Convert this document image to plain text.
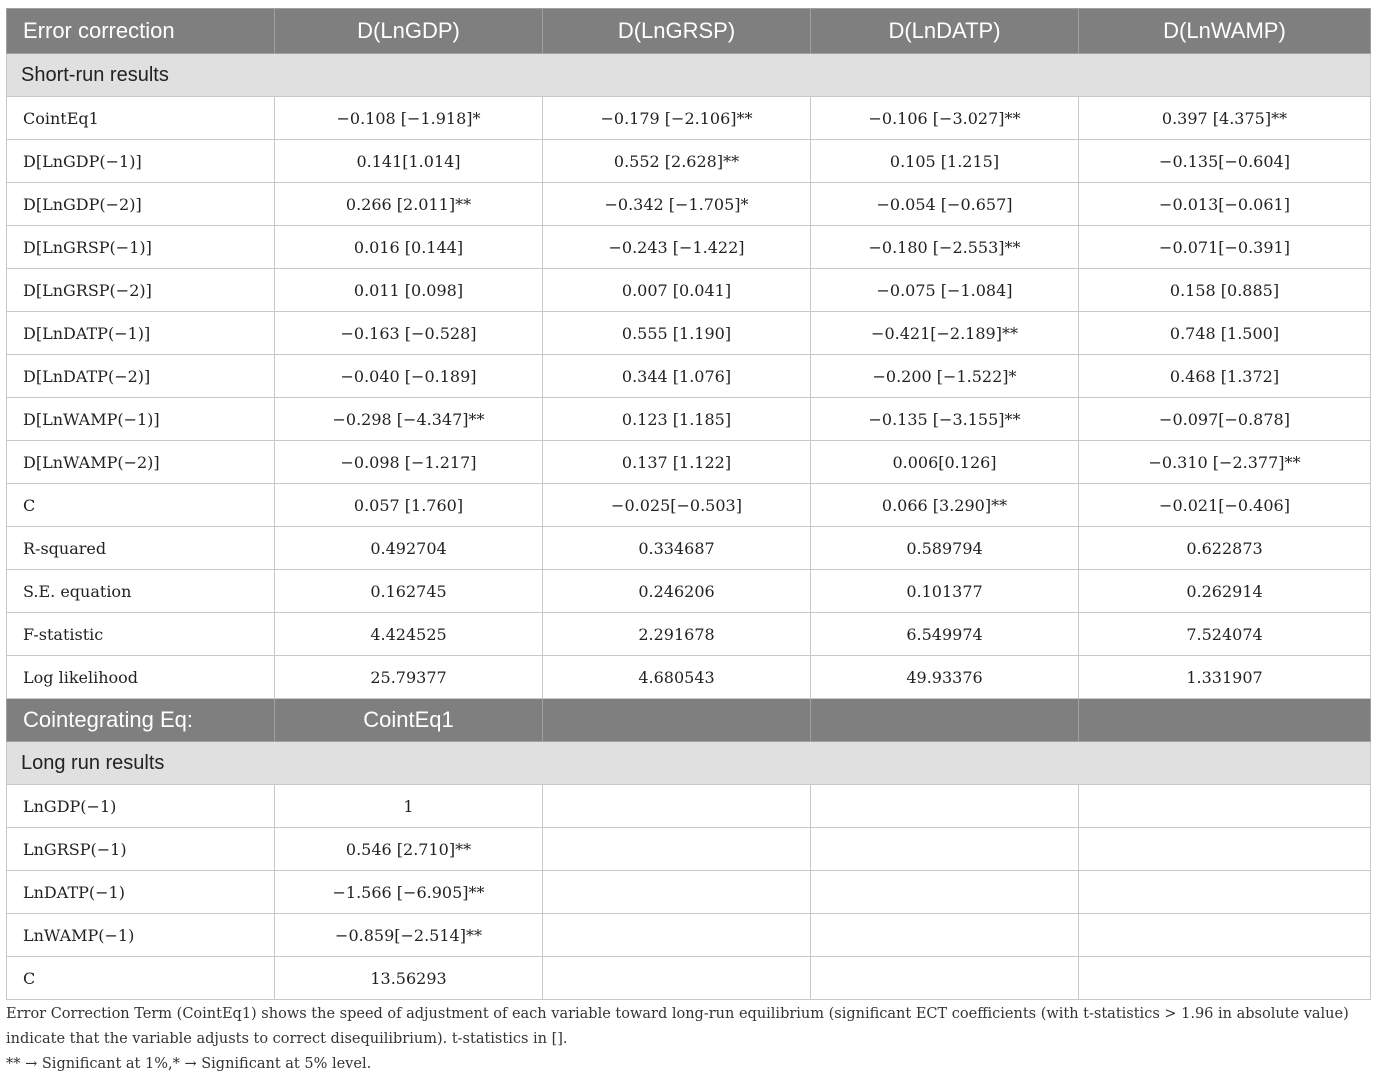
Error correction	D(LnGDP)	D(LnGRSP)	D(LnDATP)	D(LnWAMP)
Short-run results				
CointEq1	−0.108 [−1.918]*	−0.179 [−2.106]**	−0.106 [−3.027]**	0.397 [4.375]**
D[LnGDP(−1)]	0.141[1.014]	0.552 [2.628]**	0.105 [1.215]	−0.135[−0.604]
D[LnGDP(−2)]	0.266 [2.011]**	−0.342 [−1.705]*	−0.054 [−0.657]	−0.013[−0.061]
D[LnGRSP(−1)]	0.016 [0.144]	−0.243 [−1.422]	−0.180 [−2.553]**	−0.071[−0.391]
D[LnGRSP(−2)]	0.011 [0.098]	0.007 [0.041]	−0.075 [−1.084]	0.158 [0.885]
D[LnDATP(−1)]	−0.163 [−0.528]	0.555 [1.190]	−0.421[−2.189]**	0.748 [1.500]
D[LnDATP(−2)]	−0.040 [−0.189]	0.344 [1.076]	−0.200 [−1.522]*	0.468 [1.372]
D[LnWAMP(−1)]	−0.298 [−4.347]**	0.123 [1.185]	−0.135 [−3.155]**	−0.097[−0.878]
D[LnWAMP(−2)]	−0.098 [−1.217]	0.137 [1.122]	0.006[0.126]	−0.310 [−2.377]**
C	0.057 [1.760]	−0.025[−0.503]	0.066 [3.290]**	−0.021[−0.406]
R-squared	0.492704	0.334687	0.589794	0.622873
S.E. equation	0.162745	0.246206	0.101377	0.262914
F-statistic	4.424525	2.291678	6.549974	7.524074
Log likelihood	25.79377	4.680543	49.93376	1.331907
Cointegrating Eq:	CointEq1			
Long run results				
LnGDP(−1)	1			
LnGRSP(−1)	0.546 [2.710]**			
LnDATP(−1)	−1.566 [−6.905]**			
LnWAMP(−1)	−0.859[−2.514]**			
C	13.56293			
Error Correction Term (CointEq1) shows the speed of adjustment of each variable toward long-run equilibrium (significant ECT coefficients (with t-statistics > 1.96 in absolute value) indicate that the variable adjusts to correct disequilibrium). t-statistics in [].
** → Significant at 1%,* → Significant at 5% level.
